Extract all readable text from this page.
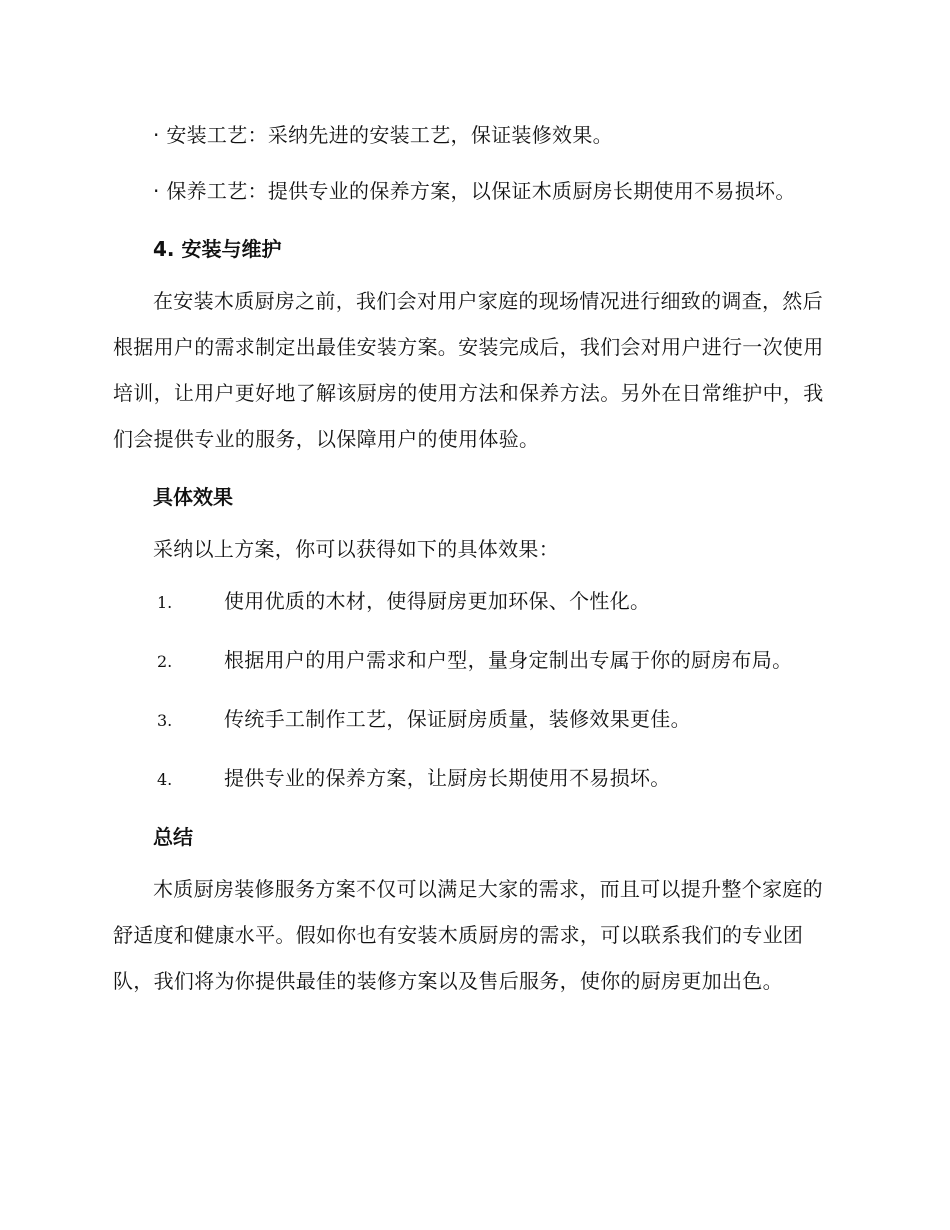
· 安装工艺：采纳先进的安装工艺，保证装修效果。

· 保养工艺：提供专业的保养方案，以保证木质厨房长期使用不易损坏。

4. 安装与维护

在安装木质厨房之前，我们会对用户家庭的现场情况进行细致的调查，然后根据用户的需求制定出最佳安装方案。安装完成后，我们会对用户进行一次使用培训，让用户更好地了解该厨房的使用方法和保养方法。另外在日常维护中，我们会提供专业的服务，以保障用户的使用体验。

具体效果

采纳以上方案，你可以获得如下的具体效果：

1.	使用优质的木材，使得厨房更加环保、个性化。
2.	根据用户的用户需求和户型，量身定制出专属于你的厨房布局。
3.	传统手工制作工艺，保证厨房质量，装修效果更佳。
4.	提供专业的保养方案，让厨房长期使用不易损坏。
总结

木质厨房装修服务方案不仅可以满足大家的需求，而且可以提升整个家庭的舒适度和健康水平。假如你也有安装木质厨房的需求，可以联系我们的专业团队，我们将为你提供最佳的装修方案以及售后服务，使你的厨房更加出色。
